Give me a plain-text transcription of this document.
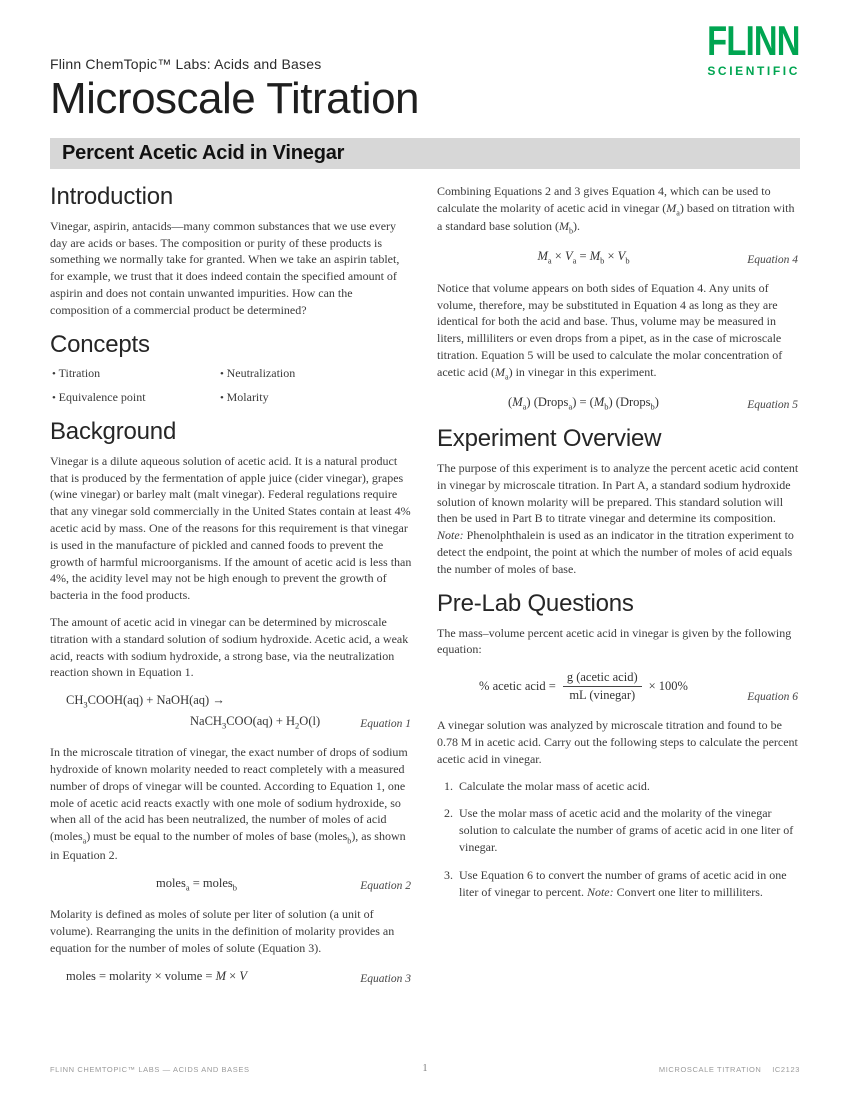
Flinn ChemTopic™ Labs: Acids and Bases
Microscale Titration
FLINN
SCIENTIFIC
Percent Acetic Acid in Vinegar
Introduction

Vinegar, aspirin, antacids—many common substances that we use every day are acids or bases. The composition or purity of these products is something we normally take for granted. When we take an aspirin tablet, for example, we trust that it does indeed contain the specified amount of aspirin and does not contain unwanted impurities. How can the composition of a commercial product be determined?

Concepts
• Titration	• Neutralization
• Equivalence point	• Molarity
Background

Vinegar is a dilute aqueous solution of acetic acid. It is a natural product that is produced by the fermentation of apple juice (cider vinegar), grapes (wine vinegar) or barley malt (malt vinegar). Federal regulations require that any vinegar sold commercially in the United States contain at least 4% acetic acid by mass. One of the reasons for this requirement is that vinegar is used in the manufacture of pickled and canned foods to prevent the growth of harmful microorganisms. If the amount of acetic acid is less than 4%, the acidity level may not be high enough to prevent the growth of bacteria in the food products.

The amount of acetic acid in vinegar can be determined by microscale titration with a standard solution of sodium hydroxide. Acetic acid, a weak acid, reacts with sodium hydroxide, a strong base, via the neutralization reaction shown in Equation 1.

$CH_3COOH(aq)$ + NaOH(aq) →
NaCH$_3$COO(aq) + $H_2O(l)$	Equation 1

In the microscale titration of vinegar, the exact number of drops of sodium hydroxide of known molarity needed to react completely with a measured number of drops of vinegar will be counted. According to Equation 1, one mole of acetic acid reacts exactly with one mole of sodium hydroxide, so when all of the acid has been neutralized, the number of moles of acid (moles$_a$) must be equal to the number of moles of base (moles$_b$), as shown in Equation 2.

moles$_a$ = moles$_b$	Equation 2

Molarity is defined as moles of solute per liter of solution (a unit of volume). Rearranging the units in the definition of molarity provides an equation for the number of moles of solute (Equation 3).

moles = molarity × volume = M × V	Equation 3

Combining Equations 2 and 3 gives Equation 4, which can be used to calculate the molarity of acetic acid in vinegar $(M_a)$ based on titration with a standard base solution $(M_b)$.

$M_a \times V_a = M_b \times V_b$	Equation 4

Notice that volume appears on both sides of Equation 4. Any units of volume, therefore, may be substituted in Equation 4 as long as they are identical for both the acid and base. Thus, volume may be measured in liters, milliliters or even drops from a pipet, as in the case of microscale titration. Equation 5 will be used to calculate the molar concentration of acetic acid $(M_a)$ in vinegar in this experiment.

$(M_a)$ (Drops$_a$) = $(M_b)$ (Drops$_b$)	Equation 5
Experiment Overview

The purpose of this experiment is to analyze the percent acetic acid content in vinegar by microscale titration. In Part A, a standard sodium hydroxide solution of known molarity will be prepared. This standard solution will then be used in Part B to titrate vinegar and determine its composition. Note: Phenolphthalein is used as an indicator in the titration experiment to detect the endpoint, the point at which the number of moles of acid equals the number of moles of base.

Pre-Lab Questions

The mass–volume percent acetic acid in vinegar is given by the following equation:

% acetic acid = $\frac{\text{g (acetic acid)}}{\text{mL (vinegar)}} \times 100\%$
Equation 6

A vinegar solution was analyzed by microscale titration and found to be 0.78 M in acetic acid. Carry out the following steps to calculate the percent acetic acid in vinegar.

1. Calculate the molar mass of acetic acid.
2. Use the molar mass of acetic acid and the molarity of the vinegar solution to calculate the number of grams of acetic acid in one liter of vinegar.
3. Use Equation 6 to convert the number of grams of acetic acid in one liter of vinegar to percent. Note: Convert one liter to milliliters.
FLINN CHEMTOPIC™ LABS — ACIDS AND BASES	1	MICROSCALE TITRATION IC2123
